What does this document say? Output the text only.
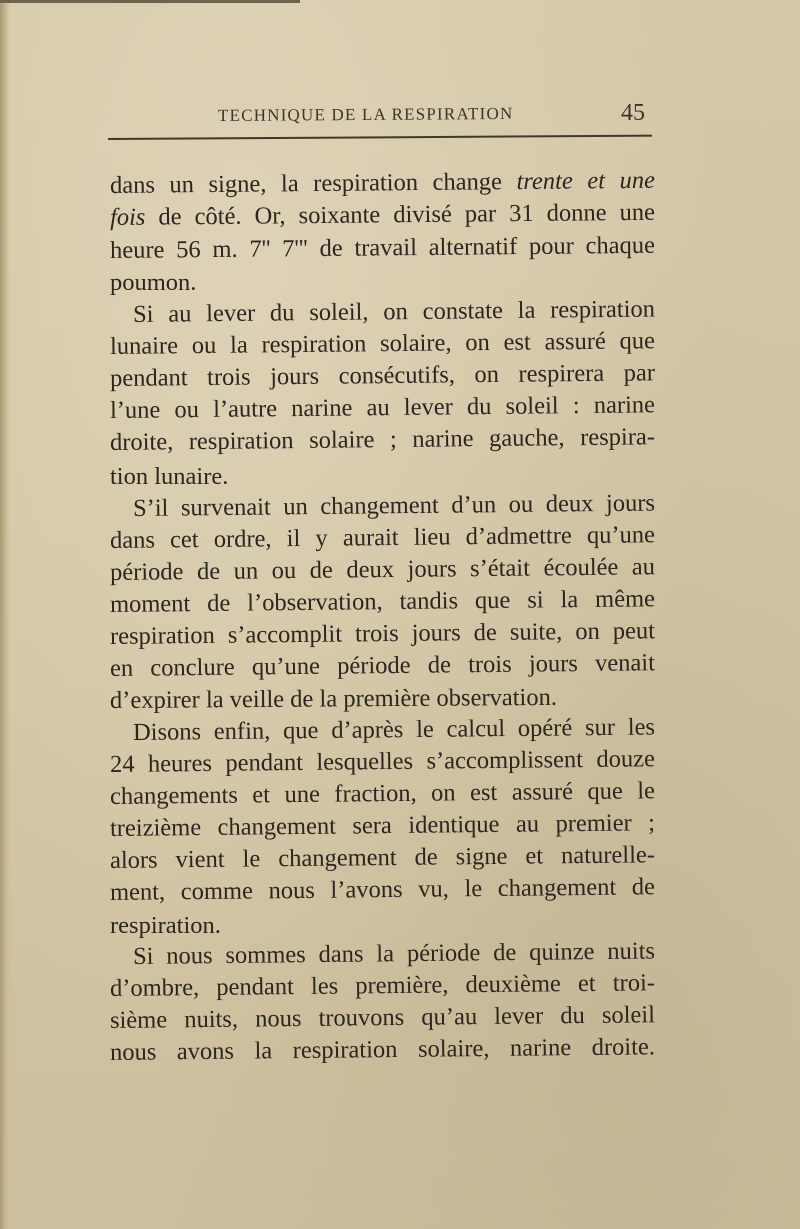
TECHNIQUE DE LA RESPIRATION	45
dans un signe, la respiration change trente et une
fois de côté. Or, soixante divisé par 31 donne une
heure 56 m. 7'' 7''' de travail alternatif pour chaque
poumon.
Si au lever du soleil, on constate la respiration
lunaire ou la respiration solaire, on est assuré que
pendant trois jours consécutifs, on respirera par
l’une ou l’autre narine au lever du soleil : narine
droite, respiration solaire ; narine gauche, respira-
tion lunaire.
S’il survenait un changement d’un ou deux jours
dans cet ordre, il y aurait lieu d’admettre qu’une
période de un ou de deux jours s’était écoulée au
moment de l’observation, tandis que si la même
respiration s’accomplit trois jours de suite, on peut
en conclure qu’une période de trois jours venait
d’expirer la veille de la première observation.
Disons enfin, que d’après le calcul opéré sur les
24 heures pendant lesquelles s’accomplissent douze
changements et une fraction, on est assuré que le
treizième changement sera identique au premier ;
alors vient le changement de signe et naturelle-
ment, comme nous l’avons vu, le changement de
respiration.
Si nous sommes dans la période de quinze nuits
d’ombre, pendant les première, deuxième et troi-
sième nuits, nous trouvons qu’au lever du soleil
nous avons la respiration solaire, narine droite.
